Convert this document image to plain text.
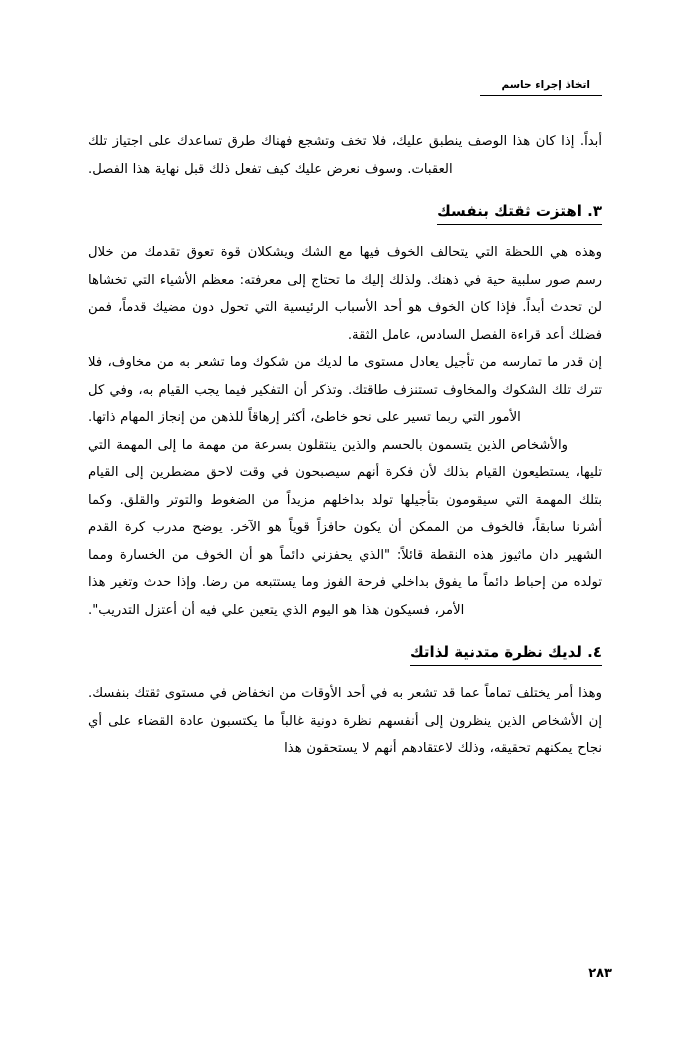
اتخاذ إجراء حاسم

أبداً. إذا كان هذا الوصف ينطبق عليك، فلا تخف وتشجع فهناك طرق تساعدك على اجتياز تلك العقبات. وسوف نعرض عليك كيف تفعل ذلك قبل نهاية هذا الفصل.

٣. اهتزت ثقتك بنفسك

وهذه هي اللحظة التي يتحالف الخوف فيها مع الشك ويشكلان قوة تعوق تقدمك من خلال رسم صور سلبية حية في ذهنك. ولذلك إليك ما تحتاج إلى معرفته: معظم الأشياء التي تخشاها لن تحدث أبداً. فإذا كان الخوف هو أحد الأسباب الرئيسية التي تحول دون مضيك قدماً، فمن فضلك أعد قراءة الفصل السادس، عامل الثقة.

إن قدر ما تمارسه من تأجيل يعادل مستوى ما لديك من شكوك وما تشعر به من مخاوف، فلا تترك تلك الشكوك والمخاوف تستنزف طاقتك. وتذكر أن التفكير فيما يجب القيام به، وفي كل الأمور التي ربما تسير على نحو خاطئ، أكثر إرهاقاً للذهن من إنجاز المهام ذاتها.

والأشخاص الذين يتسمون بالحسم والذين ينتقلون بسرعة من مهمة ما إلى المهمة التي تليها، يستطيعون القيام بذلك لأن فكرة أنهم سيصبحون في وقت لاحق مضطرين إلى القيام بتلك المهمة التي سيقومون بتأجيلها تولد بداخلهم مزيداً من الضغوط والتوتر والقلق. وكما أشرنا سابقاً، فالخوف من الممكن أن يكون حافزاً قوياً هو الآخر. يوضح مدرب كرة القدم الشهير دان ماثيوز هذه النقطة قائلاً: "الذي يحفزني دائماً هو أن الخوف من الخسارة ومما تولده من إحباط دائماً ما يفوق بداخلي فرحة الفوز وما يستتبعه من رضا. وإذا حدث وتغير هذا الأمر، فسيكون هذا هو اليوم الذي يتعين علي فيه أن أعتزل التدريب".

٤. لديك نظرة متدنية لذاتك

وهذا أمر يختلف تماماً عما قد تشعر به في أحد الأوقات من انخفاض في مستوى ثقتك بنفسك. إن الأشخاص الذين ينظرون إلى أنفسهم نظرة دونية غالباً ما يكتسبون عادة القضاء على أي نجاح يمكنهم تحقيقه، وذلك لاعتقادهم أنهم لا يستحقون هذا

٢٨٣
